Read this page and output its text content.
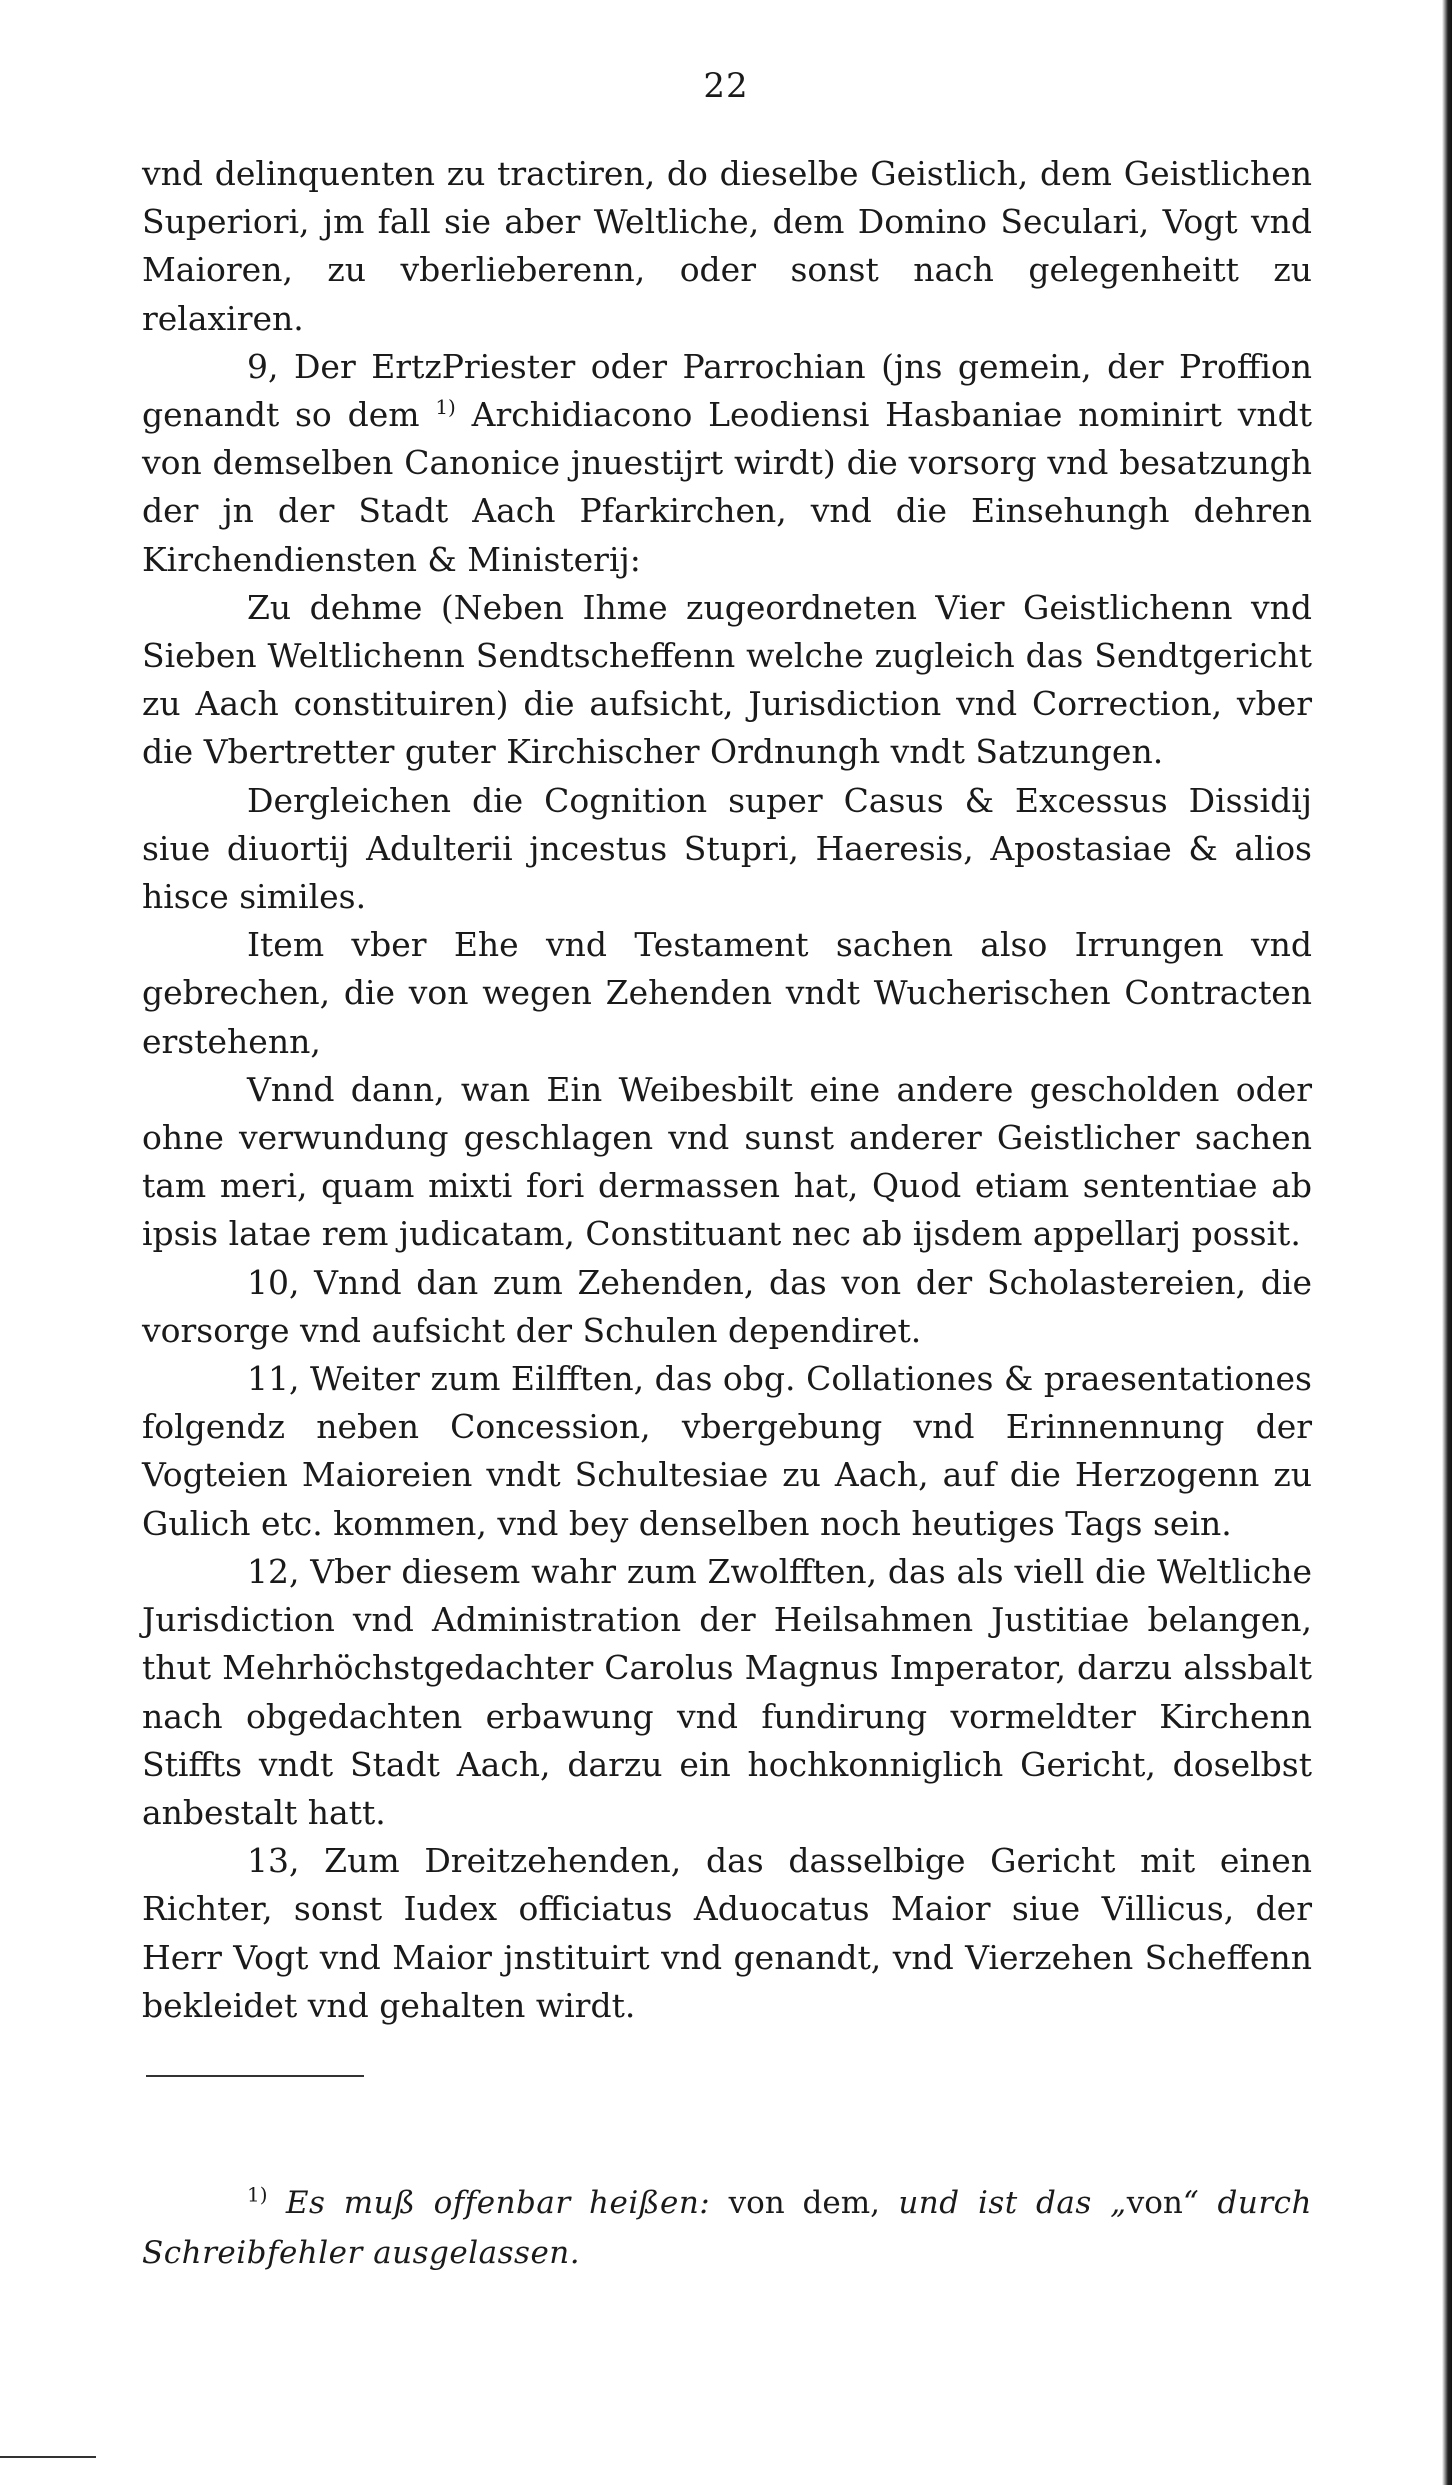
22

vnd delinquenten zu tractiren, do dieselbe Geistlich, dem Geistlichen Superiori, jm fall sie aber Weltliche, dem Domino Seculari, Vogt vnd Maioren, zu vberlieberenn, oder sonst nach gelegenheitt zu relaxiren.

9, Der ErtzPriester oder Parrochian (jns gemein, der Proffion genandt so dem $^{1)}$ Archidiacono Leodiensi Hasbaniae nominirt vndt von demselben Canonice jnuestijrt wirdt) die vorsorg vnd besatzungh der jn der Stadt Aach Pfarkirchen, vnd die Einsehungh dehren Kirchendiensten & Ministerij:

Zu dehme (Neben Ihme zugeordneten Vier Geistlichenn vnd Sieben Weltlichenn Sendtscheffenn welche zugleich das Sendtgericht zu Aach constituiren) die aufsicht, Jurisdiction vnd Correction, vber die Vbertretter guter Kirchischer Ordnungh vndt Satzungen.

Dergleichen die Cognition super Casus & Excessus Dissidij siue diuortij Adulterii jncestus Stupri, Haeresis, Apostasiae & alios hisce similes.

Item vber Ehe vnd Testament sachen also Irrungen vnd gebrechen, die von wegen Zehenden vndt Wucherischen Contracten erstehenn,

Vnnd dann, wan Ein Weibesbilt eine andere gescholden oder ohne verwundung geschlagen vnd sunst anderer Geistlicher sachen tam meri, quam mixti fori dermassen hat, Quod etiam sententiae ab ipsis latae rem judicatam, Constituant nec ab ijsdem appellarj possit.

10, Vnnd dan zum Zehenden, das von der Scholastereien, die vorsorge vnd aufsicht der Schulen dependiret.

11, Weiter zum Eilfften, das obg. Collationes & praesentationes folgendz neben Concession, vbergebung vnd Erinnennung der Vogteien Maioreien vndt Schultesiae zu Aach, auf die Herzogenn zu Gulich etc. kommen, vnd bey denselben noch heutiges Tags sein.

12, Vber diesem wahr zum Zwolfften, das als viell die Weltliche Jurisdiction vnd Administration der Heilsahmen Justitiae belangen, thut Mehrhöchstgedachter Carolus Magnus Imperator, darzu alssbalt nach obgedachten erbawung vnd fundirung vormeldter Kirchenn Stiffts vndt Stadt Aach, darzu ein hochkonniglich Gericht, doselbst anbestalt hatt.

13, Zum Dreitzehenden, das dasselbige Gericht mit einen Richter, sonst Iudex officiatus Aduocatus Maior siue Villicus, der Herr Vogt vnd Maior jnstituirt vnd genandt, vnd Vierzehen Scheffenn bekleidet vnd gehalten wirdt.

$^{1)}$ Es muß offenbar heißen: von dem, und ist das „von“ durch Schreibfehler ausgelassen.
